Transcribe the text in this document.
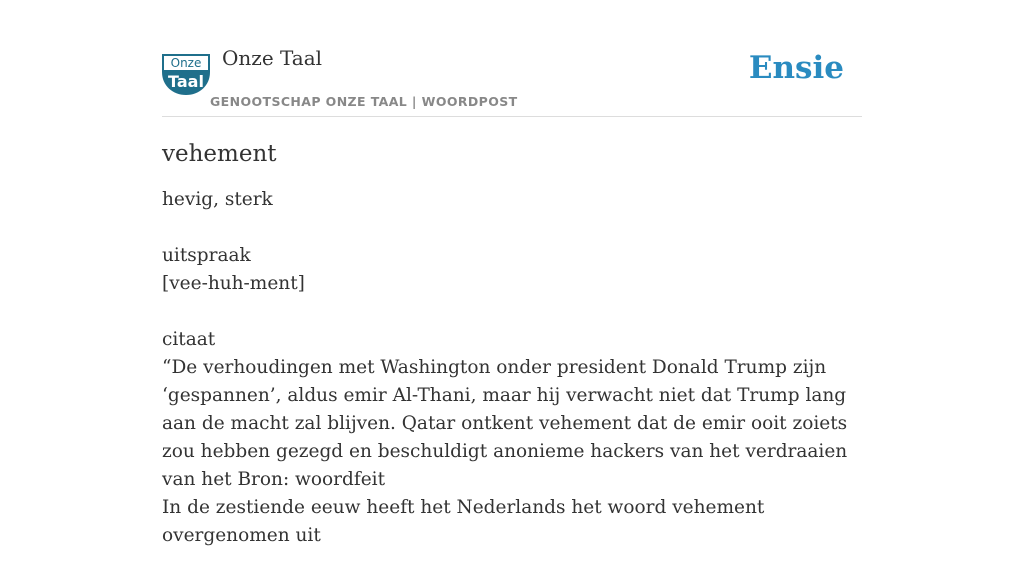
Onze
Taal
Onze Taal
GENOOTSCHAP ONZE TAAL | WOORDPOST
Ensie
vehement

hevig, sterk

uitspraak

[vee-huh-ment]

citaat

“De verhoudingen met Washington onder president Donald Trump zijn ‘gespannen’, aldus emir Al-Thani, maar hij verwacht niet dat Trump lang aan de macht zal blijven. Qatar ontkent vehement dat de emir ooit zoiets zou hebben gezegd en beschuldigt anonieme hackers van het verdraaien van het Bron: woordfeit

In de zestiende eeuw heeft het Nederlands het woord vehement overgenomen uit
